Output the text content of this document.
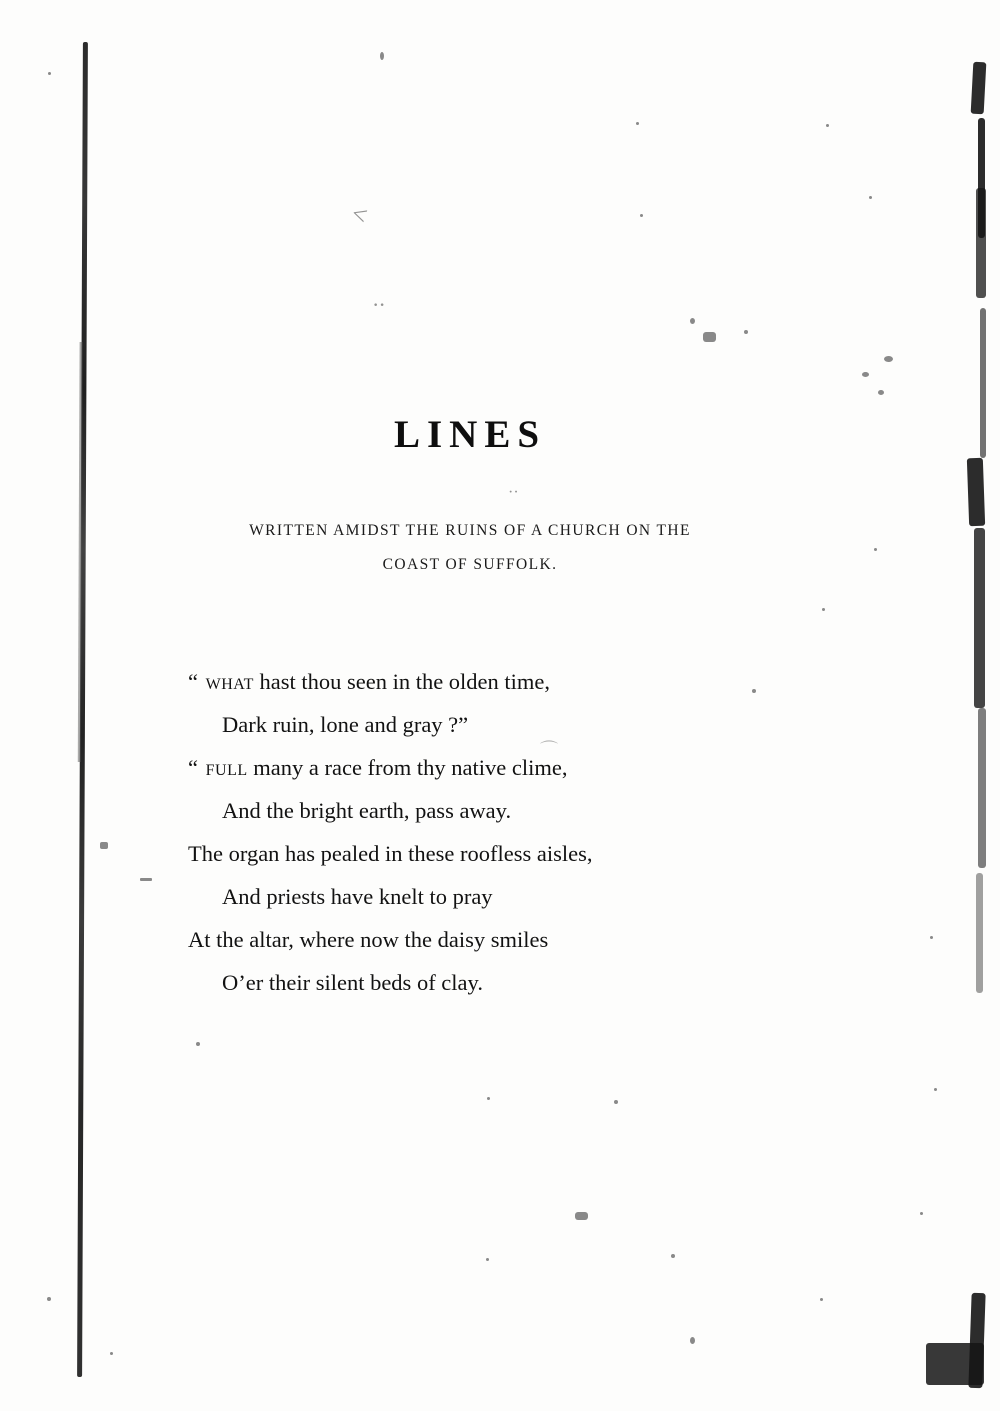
<
·∙
··
⌒
LINES
WRITTEN AMIDST THE RUINS OF A CHURCH ON THE
COAST OF SUFFOLK.
“ what hast thou seen in the olden time,
Dark ruin, lone and gray ?”
“ full many a race from thy native clime,
And the bright earth, pass away.
The organ has pealed in these roofless aisles,
And priests have knelt to pray
At the altar, where now the daisy smiles
O’er their silent beds of clay.
